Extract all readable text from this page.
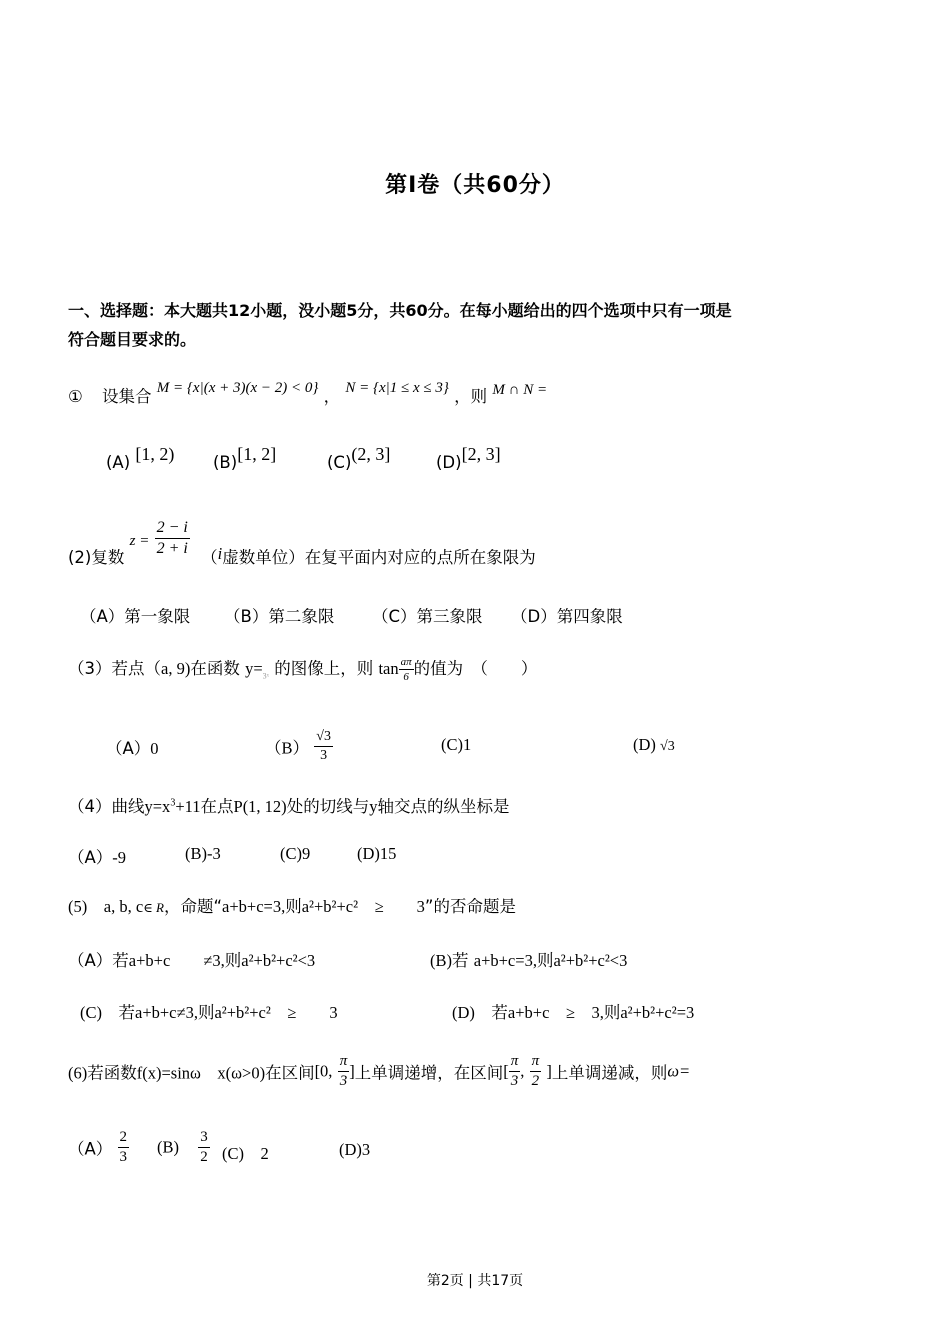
第Ⅰ卷（共60分）
一、选择题：本大题共12小题，没小题5分，共60分。在每小题给出的四个选项中只有一项是
符合题目要求的。
① 设集合 M = {x|(x + 3)(x − 2) < 0} ， N = {x|1 ≤ x ≤ 3} ，则 M ∩ N =
(A) [1, 2) (B)[1, 2]	(C)(2, 3]	(D)[2, 3]
(2)复数 $z = \frac{2 - i}{2 + i} (i$虚数单位）在复平面内对应的点所在象限为
（A）第一象限 （B）第二象限 （C）第三象限 （D）第四象限
（3）若点（a, 9)在函数 $y=_{3ˣ}$ 的图像上，则 $\tan \frac{a\pi}{6}$ 的值为　（　　）
（A）0	$(B) \frac{√3}{3}$	(C)1	(D) √3
（4）曲线$y=x^3+11$在点P(1, 12)处的切线与y轴交点的纵坐标是
（A）-9	(B)-3	(C)9	(D)15
(5)　a, b, c∈ R，命题“a+b+c=3,则a²+b²+c²　≥　　3”的否命题是
（A）若a+b+c　　≠3,则a²+b²+c²<3	(B)若 a+b+c=3,则a²+b²+c²<3
(C)　若a+b+c≠3,则a²+b²+c²　≥　　3	(D)　若a+b+c　≥　3,则a²+b²+c²=3
(6)若函数f(x)=sinω　x(ω>0)在区间[0, $\frac{\pi}{3}$ ]上单调递增，在区间[ $\frac{\pi}{3}$ , $\frac{\pi}{2}$ ]上单调递减，则ω=
$(A) \frac{2}{3} (B) \frac{3}{2} (C)$　 2	(D)3
第2页 | 共17页
